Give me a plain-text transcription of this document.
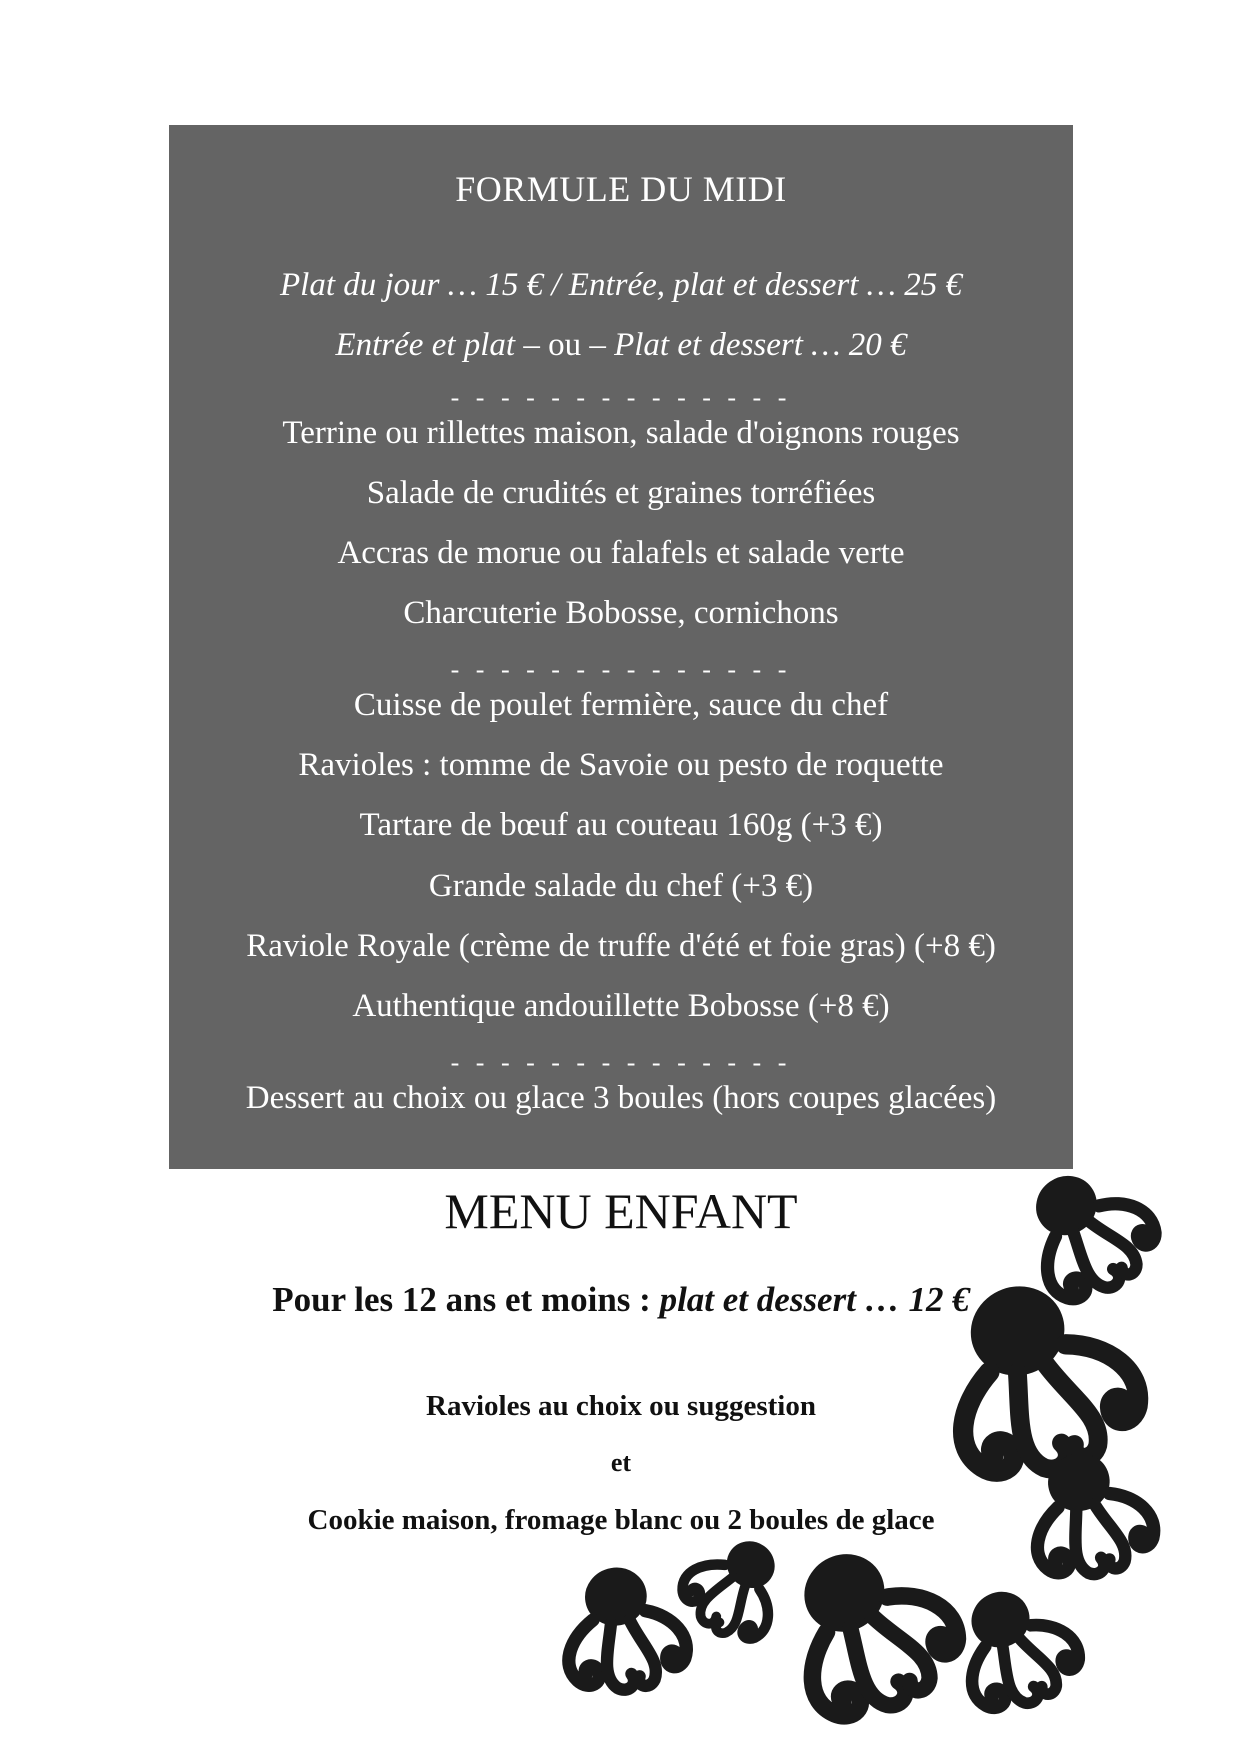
FORMULE DU MIDI
Plat du jour … 15 € / Entrée, plat et dessert … 25 €
Entrée et plat – ou – Plat et dessert … 20 €
- - - - - - - - - - - - - -
Terrine ou rillettes maison, salade d'oignons rouges
Salade de crudités et graines torréfiées
Accras de morue ou falafels et salade verte
Charcuterie Bobosse, cornichons
- - - - - - - - - - - - - -
Cuisse de poulet fermière, sauce du chef
Ravioles : tomme de Savoie ou pesto de roquette
Tartare de bœuf au couteau 160g (+3 €)
Grande salade du chef (+3 €)
Raviole Royale (crème de truffe d'été et foie gras) (+8 €)
Authentique andouillette Bobosse (+8 €)
- - - - - - - - - - - - - -
Dessert au choix ou glace 3 boules (hors coupes glacées)
MENU ENFANT
Pour les 12 ans et moins : plat et dessert … 12 €
Ravioles au choix ou suggestion
et
Cookie maison, fromage blanc ou 2 boules de glace
